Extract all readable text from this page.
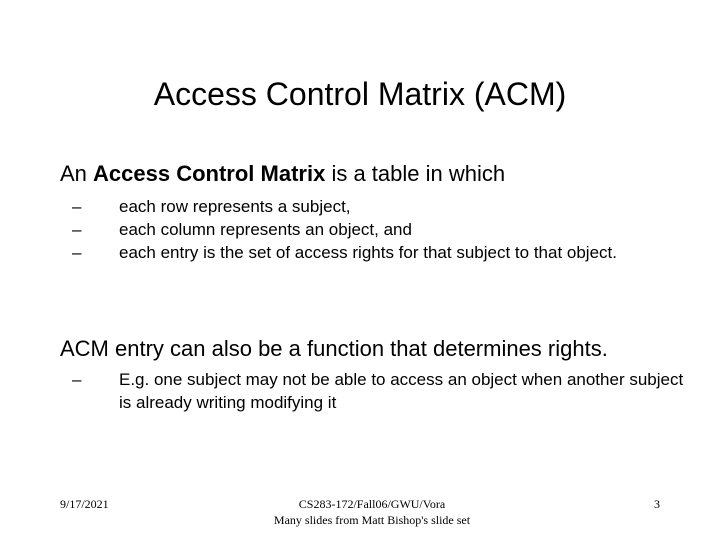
Access Control Matrix (ACM)

An Access Control Matrix is a table in which

– each row represents a subject,
– each column represents an object, and
– each entry is the set of access rights for that subject to that object.

ACM entry can also be a function that determines rights.

– E.g. one subject may not be able to access an object when another subject is already writing modifying it
9/17/2021	CS283-172/Fall06/GWU/Vora
Many slides from Matt Bishop's slide set
3
